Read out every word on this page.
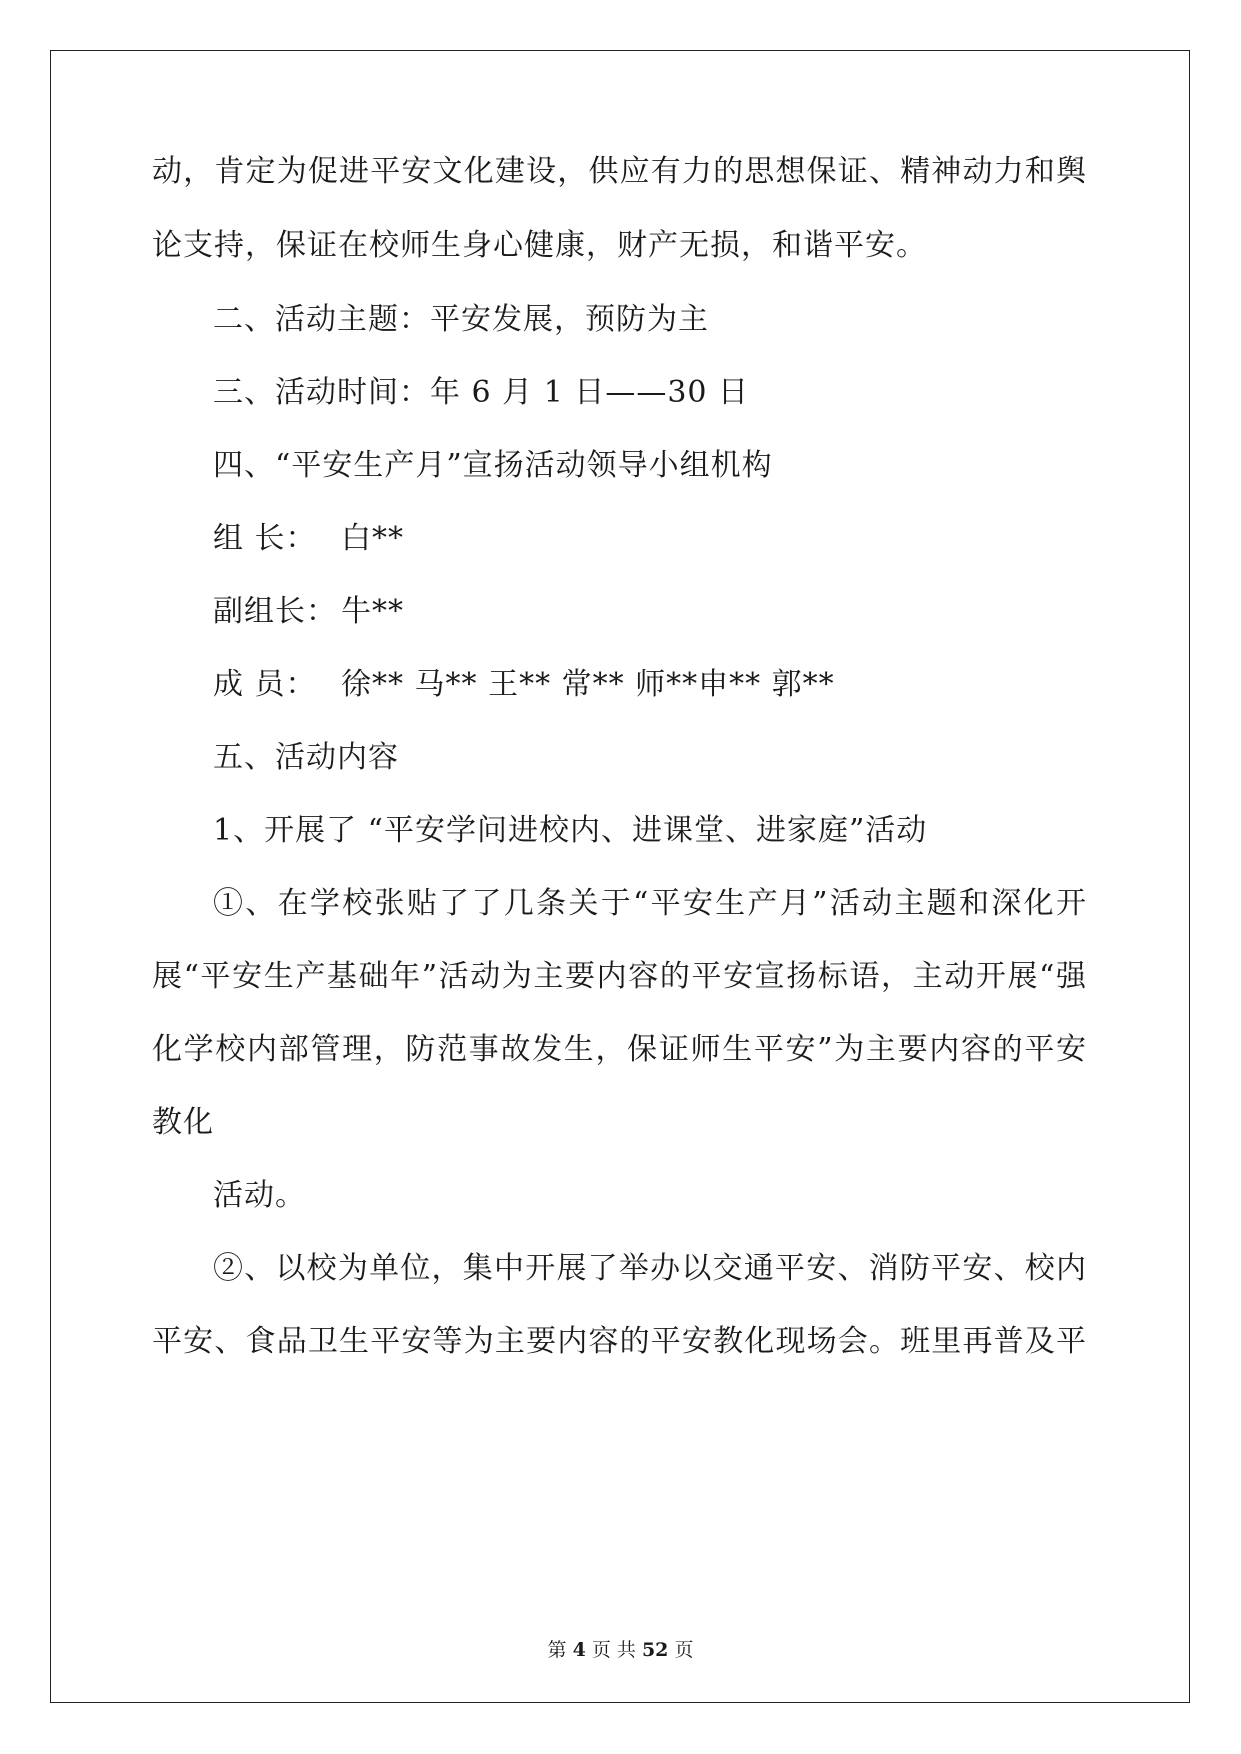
动，肯定为促进平安文化建设，供应有力的思想保证、精神动力和舆
论支持，保证在校师生身心健康，财产无损，和谐平安。
二、活动主题：平安发展，预防为主
三、活动时间：年 6 月 1 日——30 日
四、“平安生产月”宣扬活动领导小组机构
组 长： 白**
副组长： 牛**
成 员： 徐** 马** 王** 常** 师**申** 郭**
五、活动内容
1、开展了 “平安学问进校内、进课堂、进家庭”活动
①、在学校张贴了了几条关于“平安生产月”活动主题和深化开
展“平安生产基础年”活动为主要内容的平安宣扬标语，主动开展“强
化学校内部管理，防范事故发生，保证师生平安”为主要内容的平安
教化
活动。
②、以校为单位，集中开展了举办以交通平安、消防平安、校内
平安、食品卫生平安等为主要内容的平安教化现场会。班里再普及平
第 4 页 共 52 页
